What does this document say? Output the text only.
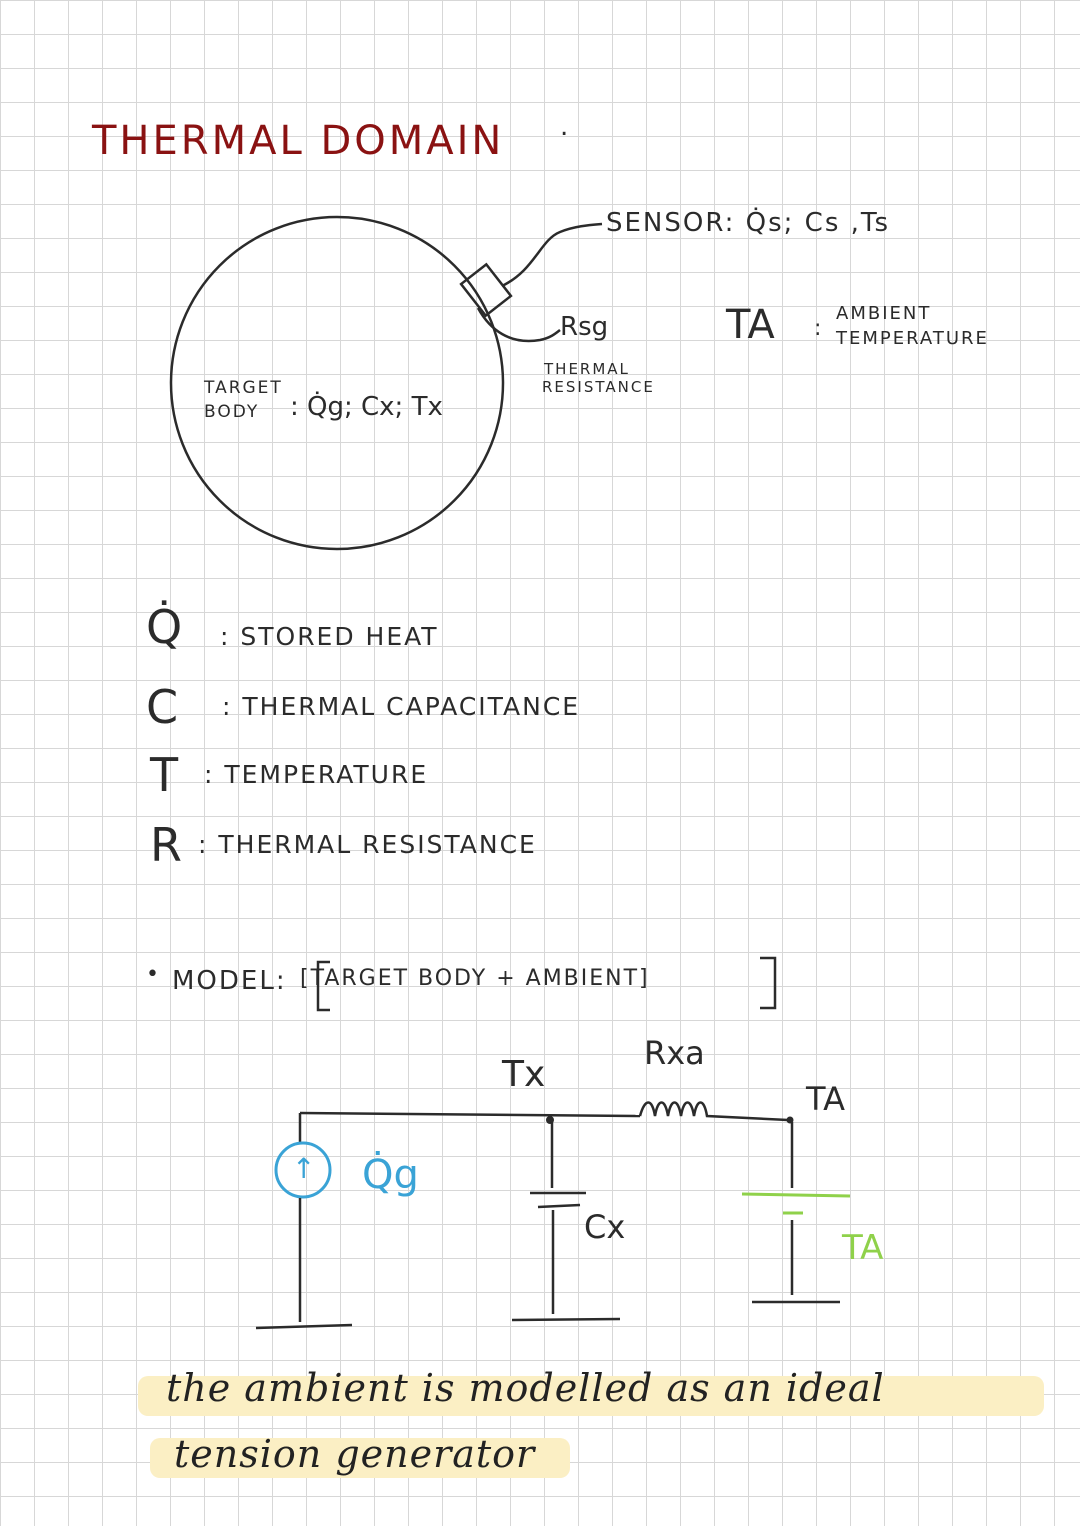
THERMAL DOMAIN .
SENSOR: Q̇s; Cs ,Ts
TA :
AMBIENT
TEMPERATURE
Rsg
THERMAL
RESISTANCE
TARGET
BODY : Q̇g; Cx; Tx
Q̇ : STORED HEAT
C : THERMAL CAPACITANCE
T : TEMPERATURE
R : THERMAL RESISTANCE
• MODEL: [TARGET BODY + AMBIENT]
Tx
Rxa
TA
↑ Q̇g
Cx
TA
the ambient is modelled as an ideal
tension generator
